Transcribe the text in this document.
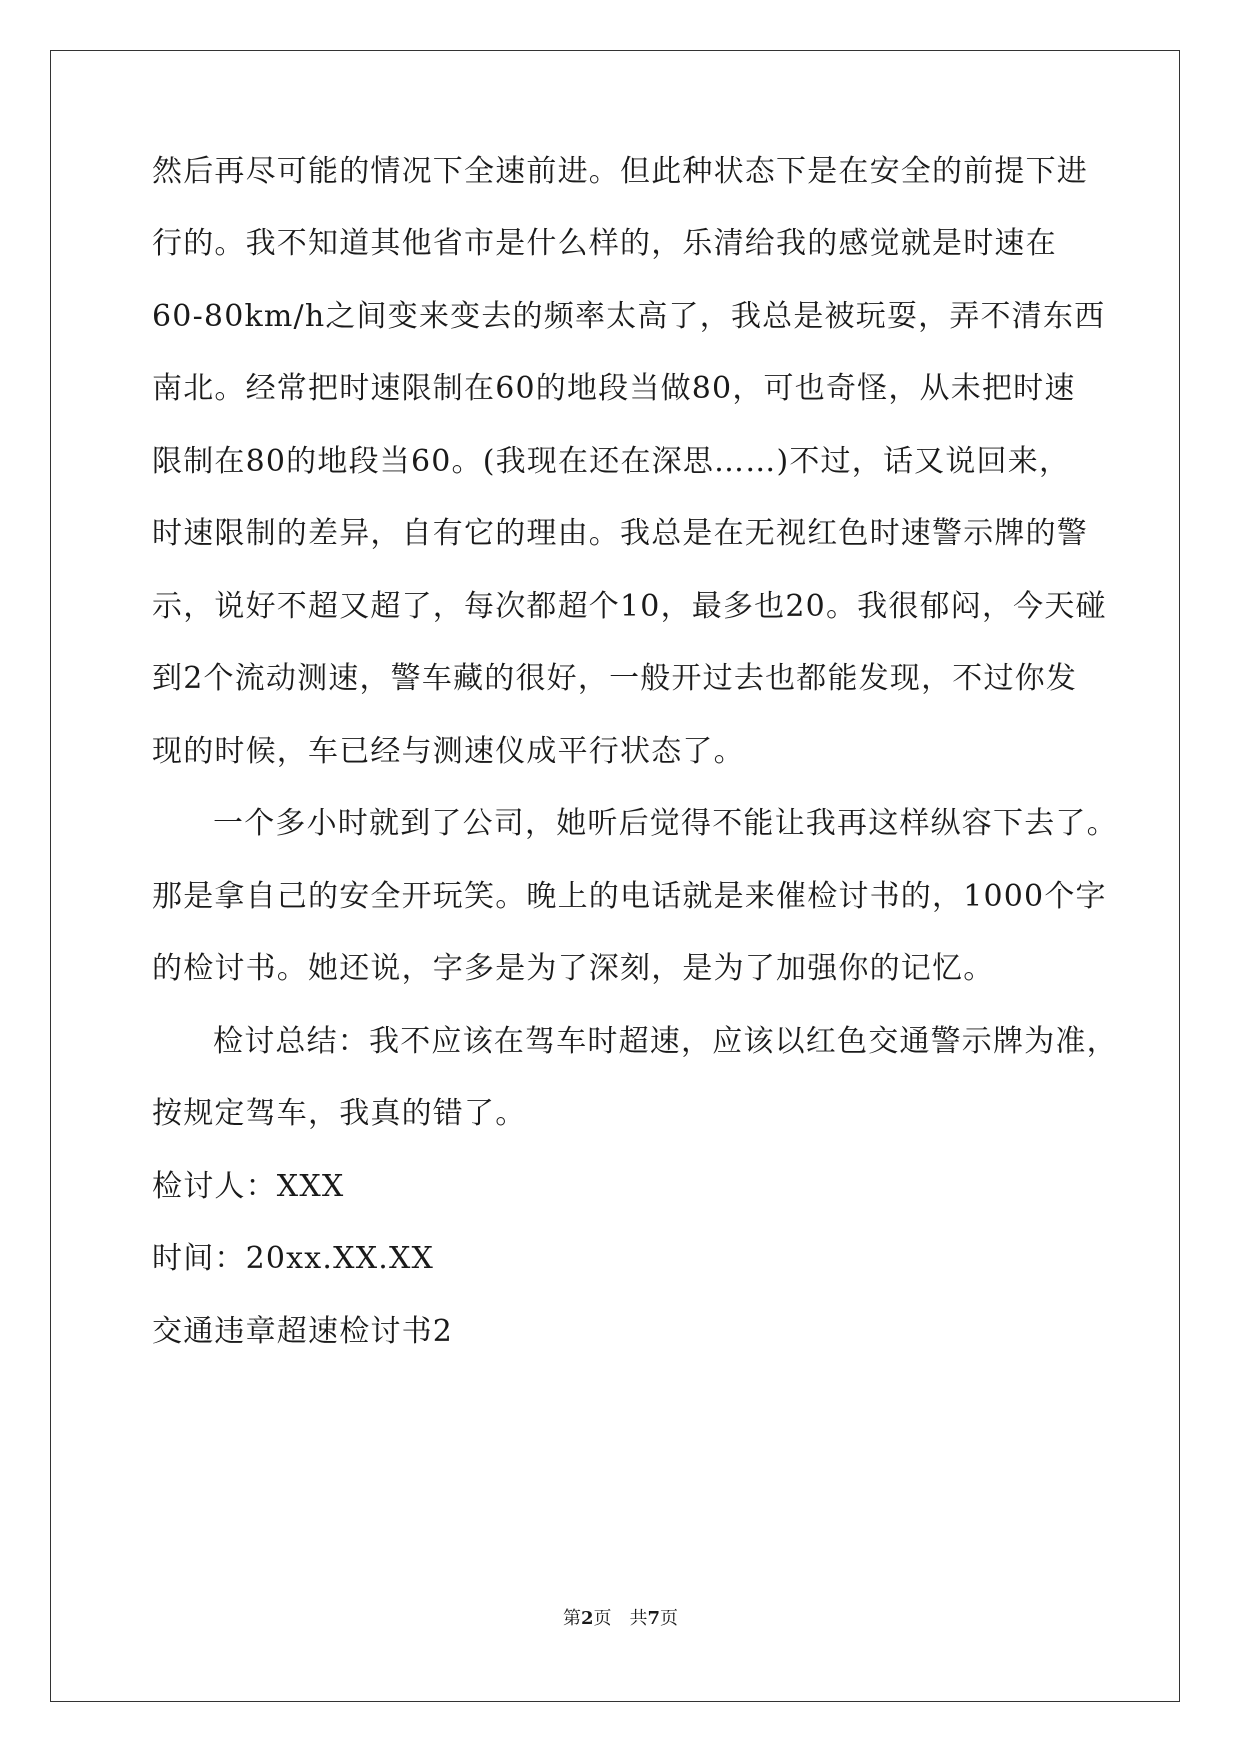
然后再尽可能的情况下全速前进。但此种状态下是在安全的前提下进
行的。我不知道其他省市是什么样的，乐清给我的感觉就是时速在
60-80km/h之间变来变去的频率太高了，我总是被玩耍，弄不清东西
南北。经常把时速限制在60的地段当做80，可也奇怪，从未把时速
限制在80的地段当60。(我现在还在深思……)不过，话又说回来，
时速限制的差异，自有它的理由。我总是在无视红色时速警示牌的警
示，说好不超又超了，每次都超个10，最多也20。我很郁闷，今天碰
到2个流动测速，警车藏的很好，一般开过去也都能发现，不过你发
现的时候，车已经与测速仪成平行状态了。
一个多小时就到了公司，她听后觉得不能让我再这样纵容下去了。
那是拿自己的安全开玩笑。晚上的电话就是来催检讨书的，1000个字
的检讨书。她还说，字多是为了深刻，是为了加强你的记忆。
检讨总结：我不应该在驾车时超速，应该以红色交通警示牌为准，
按规定驾车，我真的错了。
检讨人：XXX
时间：20xx.XX.XX
交通违章超速检讨书2
第2页　共7页
